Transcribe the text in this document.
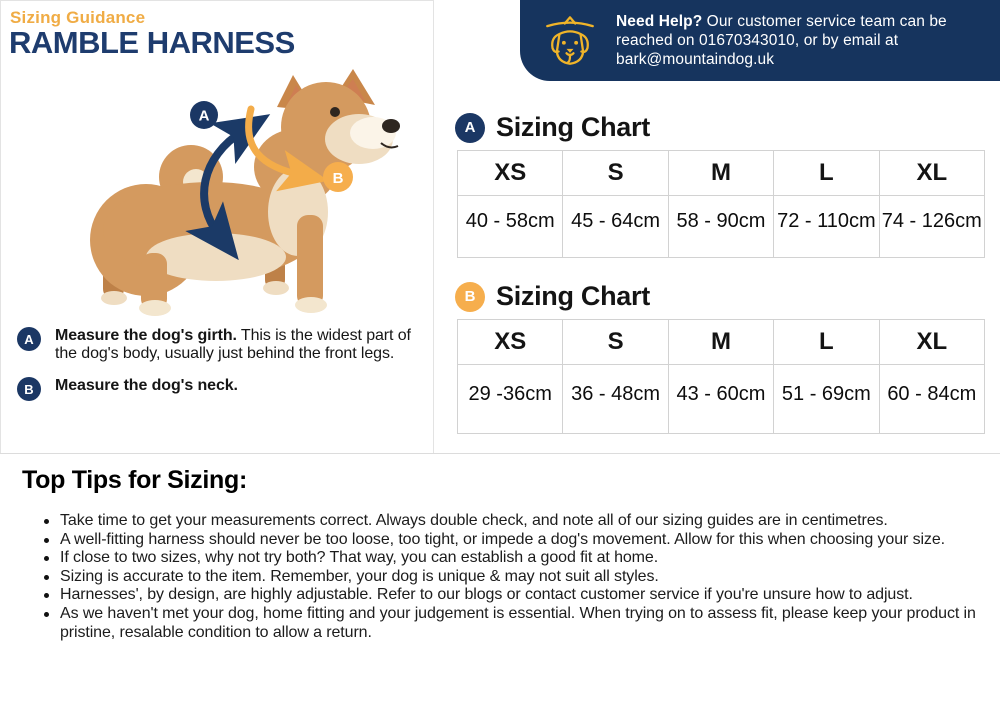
Sizing Guidance
RAMBLE HARNESS
A
B
A	Measure the dog's girth. This is the widest part of the dog's body, usually just behind the front legs.

B	Measure the dog's neck.

Need Help? Our customer service team can be reached on 01670343010, or by email at bark@mountaindog.uk

A Sizing Chart
XS	S	M	L	XL
40 - 58cm	45 - 64cm	58 - 90cm	72 - 110cm	74 - 126cm
B Sizing Chart
XS	S	M	L	XL
29 -36cm	36 - 48cm	43 - 60cm	51 - 69cm	60 - 84cm
Top Tips for Sizing:
Take time to get your measurements correct. Always double check, and note all of our sizing guides are in centimetres.
A well-fitting harness should never be too loose, too tight, or impede a dog's movement. Allow for this when choosing your size.
If close to two sizes, why not try both? That way, you can establish a good fit at home.
Sizing is accurate to the item. Remember, your dog is unique & may not suit all styles.
Harnesses', by design, are highly adjustable. Refer to our blogs or contact customer service if you're unsure how to adjust.
As we haven't met your dog, home fitting and your judgement is essential. When trying on to assess fit, please keep your product in pristine, resalable condition to allow a return.
